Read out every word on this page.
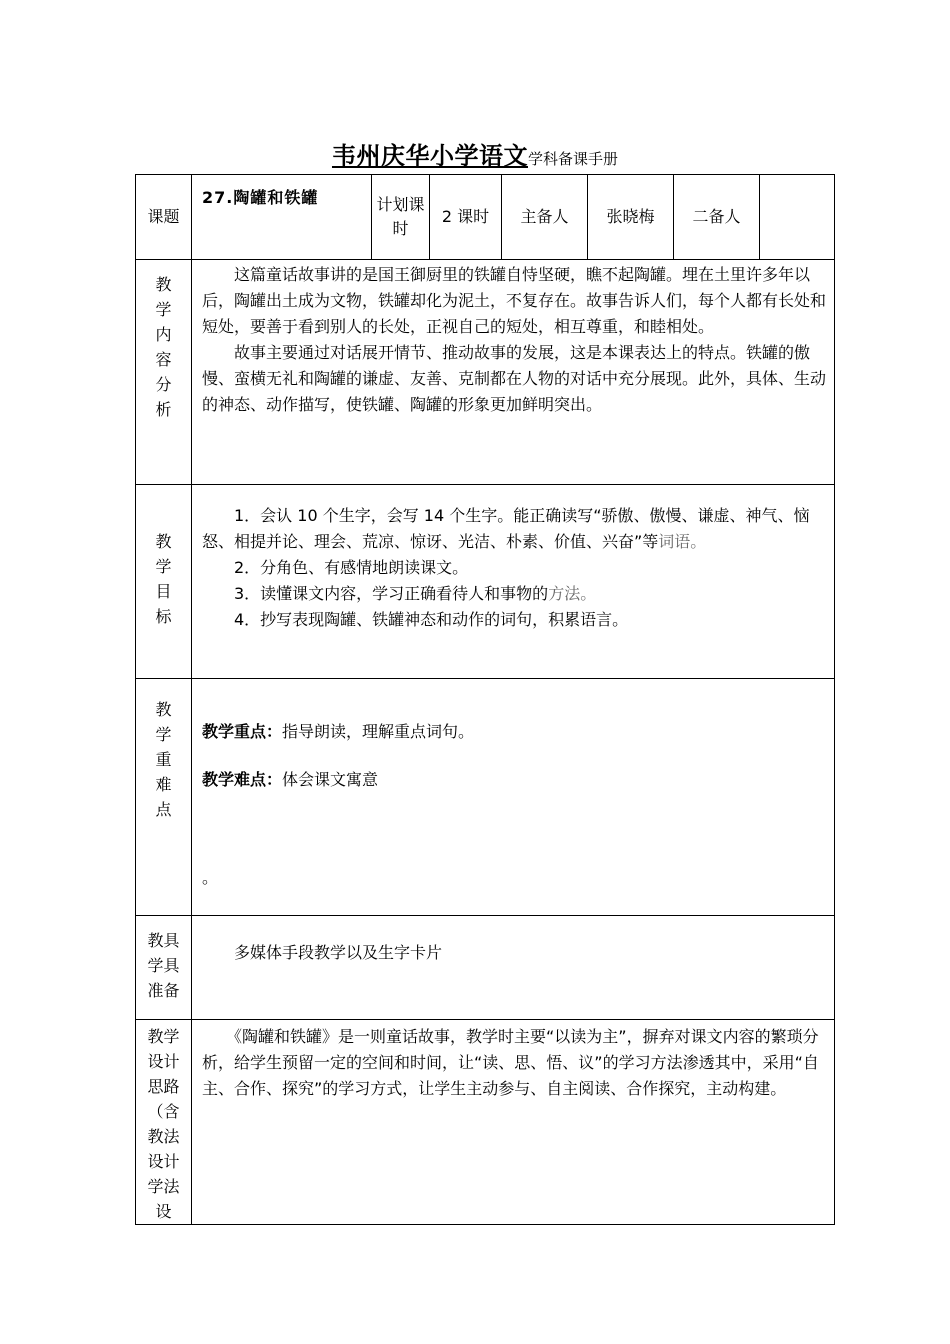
韦州庆华小学语文学科备课手册
课题	27.陶罐和铁罐	计划课时	2 课时	主备人	张晓梅	二备人	

教学内容分析	这篇童话故事讲的是国王御厨里的铁罐自恃坚硬，瞧不起陶罐。埋在土里许多年以后，陶罐出土成为文物，铁罐却化为泥土，不复存在。故事告诉人们，每个人都有长处和短处，要善于看到别人的长处，正视自己的短处，相互尊重，和睦相处。

故事主要通过对话展开情节、推动故事的发展，这是本课表达上的特点。铁罐的傲慢、蛮横无礼和陶罐的谦虚、友善、克制都在人物的对话中充分展现。此外，具体、生动的神态、动作描写，使铁罐、陶罐的形象更加鲜明突出。						

教学目标	1．会认 10 个生字，会写 14 个生字。能正确读写“骄傲、傲慢、谦虚、神气、恼怒、相提并论、理会、荒凉、惊讶、光洁、朴素、价值、兴奋”等词语。

2．分角色、有感情地朗读课文。

3．读懂课文内容，学习正确看待人和事物的方法。

4．抄写表现陶罐、铁罐神态和动作的词句，积累语言。						

教学重难点	教学重点：指导朗读，理解重点词句。

教学难点：体会课文寓意

。						

教具学具准备	多媒体手段教学以及生字卡片						

教学设计思路（含教法设计学法设	《陶罐和铁罐》是一则童话故事，教学时主要“以读为主”，摒弃对课文内容的繁琐分析，给学生预留一定的空间和时间，让“读、思、悟、议”的学习方法渗透其中，采用“自主、合作、探究”的学习方式，让学生主动参与、自主阅读、合作探究，主动构建。						
